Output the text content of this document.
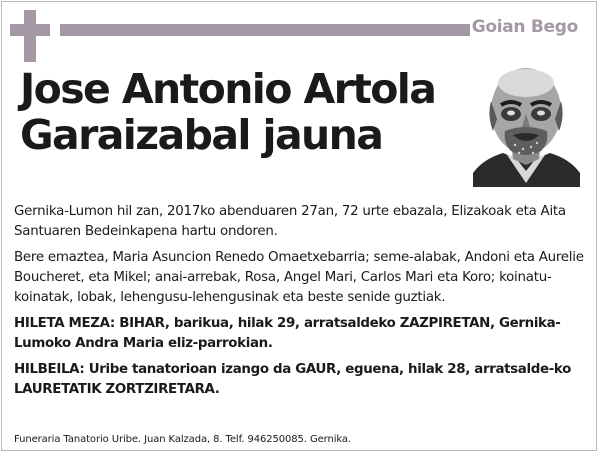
Goian Bego
Jose Antonio Artola
Garaizabal jauna

Gernika-Lumon hil zan, 2017ko abenduaren 27an, 72 urte ebazala, Elizakoak eta Aita Santuaren Bedeinkapena hartu ondoren.

Bere emaztea, Maria Asuncion Renedo Omaetxebarria; seme-alabak, Andoni eta Aurelie Boucheret, eta Mikel; anai-arrebak, Rosa, Angel Mari, Carlos Mari eta Koro; koinatu-koinatak, lobak, lehengusu-lehengusinak eta beste senide guztiak.

HILETA MEZA: BIHAR, barikua, hilak 29, arratsaldeko ZAZPIRETAN, Gernika-Lumoko Andra Maria eliz-parrokian.

HILBEILA: Uribe tanatorioan izango da GAUR, eguena, hilak 28, arratsalde-ko LAURETATIK ZORTZIRETARA.

Funeraria Tanatorio Uribe. Juan Kalzada, 8. Telf. 946250085. Gernika.
